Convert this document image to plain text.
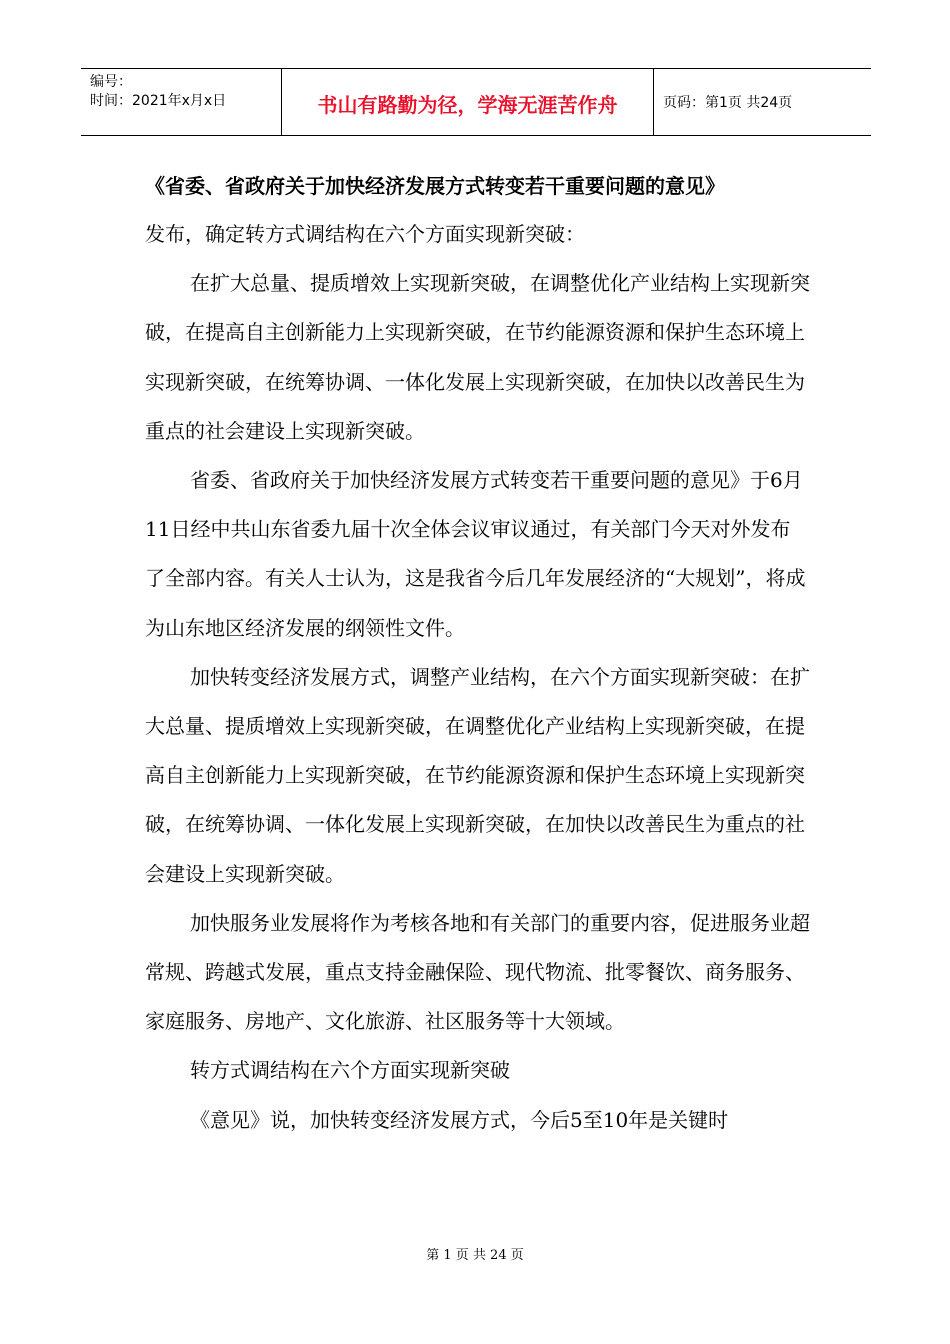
编号：
时间：2021年x月x日	书山有路勤为径，学海无涯苦作舟	页码：第1页 共24页
《省委、省政府关于加快经济发展方式转变若干重要问题的意见》

发布，确定转方式调结构在六个方面实现新突破：

在扩大总量、提质增效上实现新突破，在调整优化产业结构上实现新突破，在提高自主创新能力上实现新突破，在节约能源资源和保护生态环境上实现新突破，在统筹协调、一体化发展上实现新突破，在加快以改善民生为重点的社会建设上实现新突破。

省委、省政府关于加快经济发展方式转变若干重要问题的意见》于6月11日经中共山东省委九届十次全体会议审议通过，有关部门今天对外发布了全部内容。有关人士认为，这是我省今后几年发展经济的“大规划”，将成为山东地区经济发展的纲领性文件。

加快转变经济发展方式，调整产业结构，在六个方面实现新突破：在扩大总量、提质增效上实现新突破，在调整优化产业结构上实现新突破，在提高自主创新能力上实现新突破，在节约能源资源和保护生态环境上实现新突破，在统筹协调、一体化发展上实现新突破，在加快以改善民生为重点的社会建设上实现新突破。

加快服务业发展将作为考核各地和有关部门的重要内容，促进服务业超常规、跨越式发展，重点支持金融保险、现代物流、批零餐饮、商务服务、家庭服务、房地产、文化旅游、社区服务等十大领域。

转方式调结构在六个方面实现新突破

《意见》说，加快转变经济发展方式，今后5至10年是关键时

第 1 页 共 24 页
